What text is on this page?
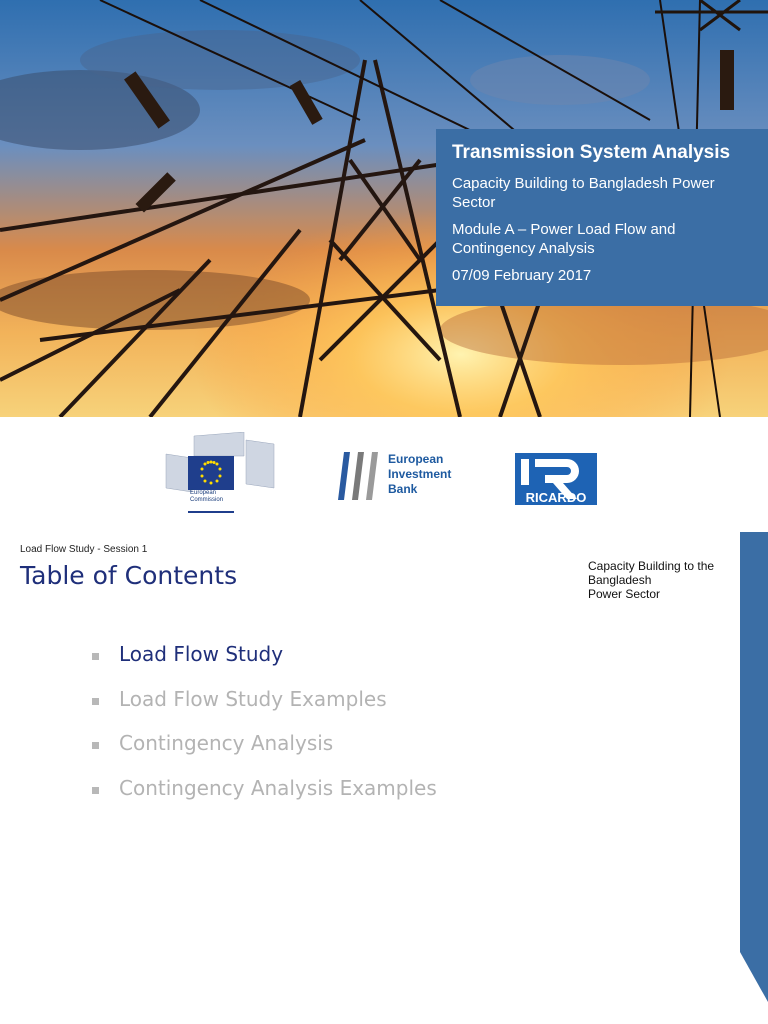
Transmission System Analysis
Capacity Building to Bangladesh Power Sector
Module A – Power Load Flow and Contingency Analysis
07/09 February 2017
European
Commission
European
Investment
Bank
RICARDO
Load Flow Study - Session 1
Table of Contents	Capacity Building to the
Bangladesh
Power Sector
Load Flow Study
Load Flow Study Examples
Contingency Analysis
Contingency Analysis Examples
